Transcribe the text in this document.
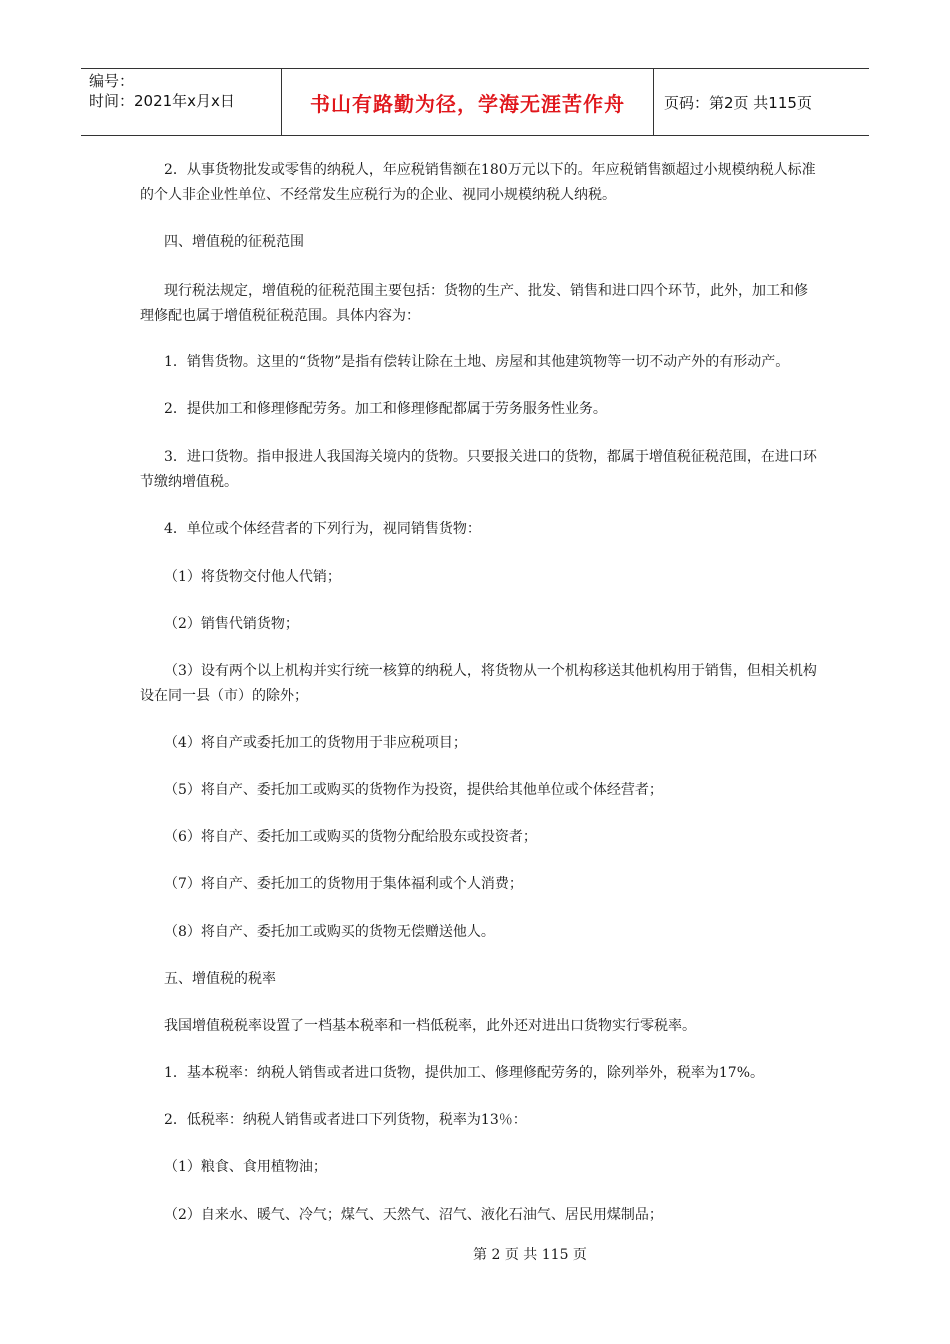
编号：
时间：2021年x月x日	书山有路勤为径，学海无涯苦作舟	页码：第2页 共115页

2．从事货物批发或零售的纳税人，年应税销售额在180万元以下的。年应税销售额超过小规模纳税人标准的个人非企业性单位、不经常发生应税行为的企业、视同小规模纳税人纳税。

四、增值税的征税范围

现行税法规定，增值税的征税范围主要包括：货物的生产、批发、销售和进口四个环节，此外，加工和修理修配也属于增值税征税范围。具体内容为：

1．销售货物。这里的“货物”是指有偿转让除在土地、房屋和其他建筑物等一切不动产外的有形动产。

2．提供加工和修理修配劳务。加工和修理修配都属于劳务服务性业务。

3．进口货物。指申报进人我国海关境内的货物。只要报关进口的货物，都属于增值税征税范围，在进口环节缴纳增值税。

4．单位或个体经营者的下列行为，视同销售货物：

（1）将货物交付他人代销；

（2）销售代销货物；

（3）设有两个以上机构并实行统一核算的纳税人，将货物从一个机构移送其他机构用于销售，但相关机构设在同一县（市）的除外；

（4）将自产或委托加工的货物用于非应税项目；

（5）将自产、委托加工或购买的货物作为投资，提供给其他单位或个体经营者；

（6）将自产、委托加工或购买的货物分配给股东或投资者；

（7）将自产、委托加工的货物用于集体福利或个人消费；

（8）将自产、委托加工或购买的货物无偿赠送他人。

五、增值税的税率

我国增值税税率设置了一档基本税率和一档低税率，此外还对进出口货物实行零税率。

1．基本税率：纳税人销售或者进口货物，提供加工、修理修配劳务的，除列举外，税率为17%。

2．低税率：纳税人销售或者进口下列货物，税率为13％：

（1）粮食、食用植物油；

（2）自来水、暖气、冷气；煤气、天然气、沼气、液化石油气、居民用煤制品；

第 2 页 共 115 页
